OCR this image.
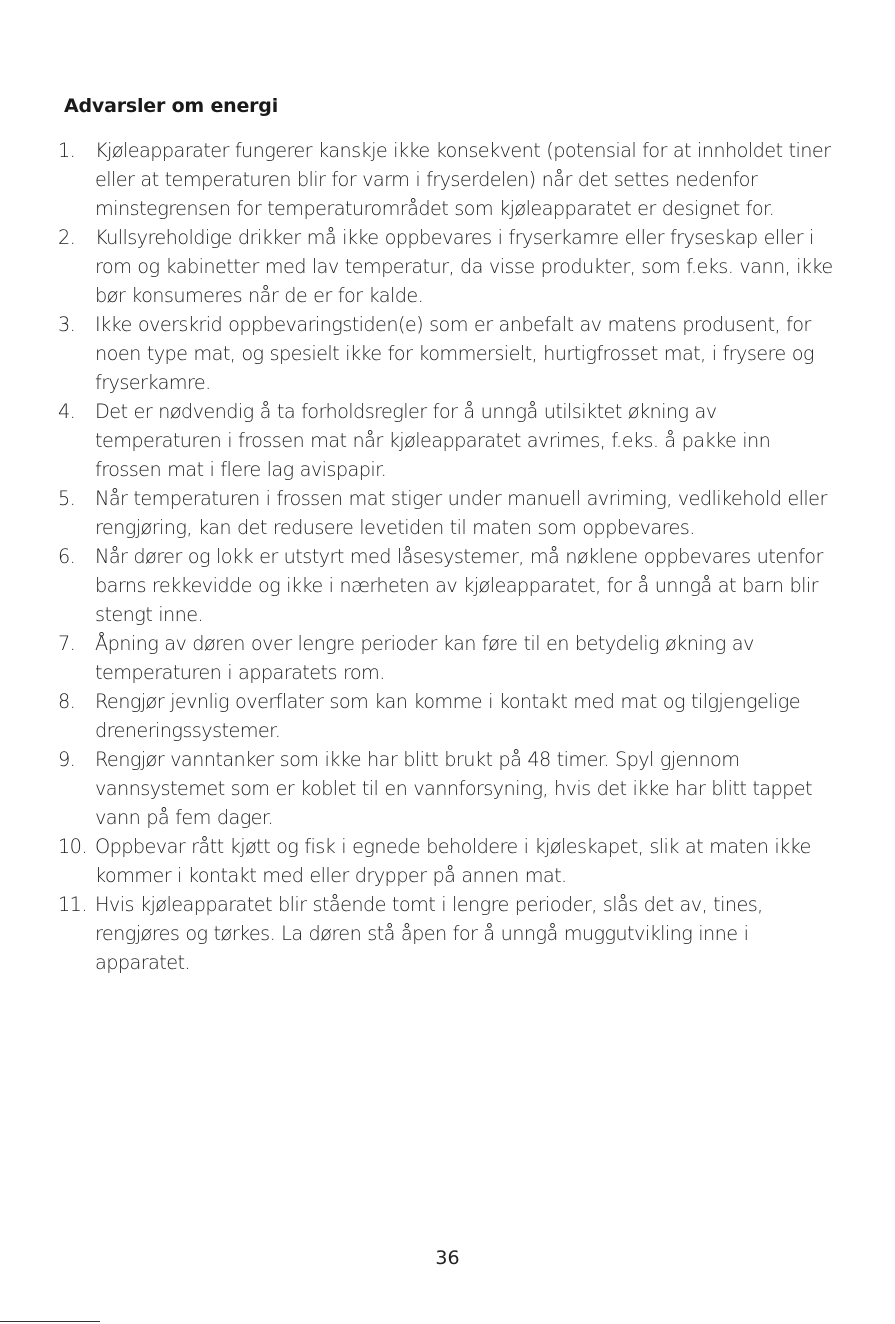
Advarsler om energi
1.	Kjøleapparater fungerer kanskje ikke konsekvent (potensial for at innholdet tiner eller at temperaturen blir for varm i fryserdelen) når det settes nedenfor minstegrensen for temperaturområdet som kjøleapparatet er designet for.
2.	Kullsyreholdige drikker må ikke oppbevares i fryserkamre eller fryseskap eller i rom og kabinetter med lav temperatur, da visse produkter, som f.eks. vann, ikke bør konsumeres når de er for kalde.
3.	Ikke overskrid oppbevaringstiden(e) som er anbefalt av matens produsent, for noen type mat, og spesielt ikke for kommersielt, hurtigfrosset mat, i frysere og fryserkamre.
4.	Det er nødvendig å ta forholdsregler for å unngå utilsiktet økning av temperaturen i frossen mat når kjøleapparatet avrimes, f.eks. å pakke inn frossen mat i flere lag avispapir.
5.	Når temperaturen i frossen mat stiger under manuell avriming, vedlikehold eller rengjøring, kan det redusere levetiden til maten som oppbevares.
6.	Når dører og lokk er utstyrt med låsesystemer, må nøklene oppbevares utenfor barns rekkevidde og ikke i nærheten av kjøleapparatet, for å unngå at barn blir stengt inne.
7.	Åpning av døren over lengre perioder kan føre til en betydelig økning av temperaturen i apparatets rom.
8.	Rengjør jevnlig overflater som kan komme i kontakt med mat og tilgjengelige dreneringssystemer.
9.	Rengjør vanntanker som ikke har blitt brukt på 48 timer. Spyl gjennom vannsystemet som er koblet til en vannforsyning, hvis det ikke har blitt tappet vann på fem dager.
10. Oppbevar rått kjøtt og fisk i egnede beholdere i kjøleskapet, slik at maten ikke kommer i kontakt med eller drypper på annen mat.
11. Hvis kjøleapparatet blir stående tomt i lengre perioder, slås det av, tines, rengjøres og tørkes. La døren stå åpen for å unngå muggutvikling inne i apparatet.
36
